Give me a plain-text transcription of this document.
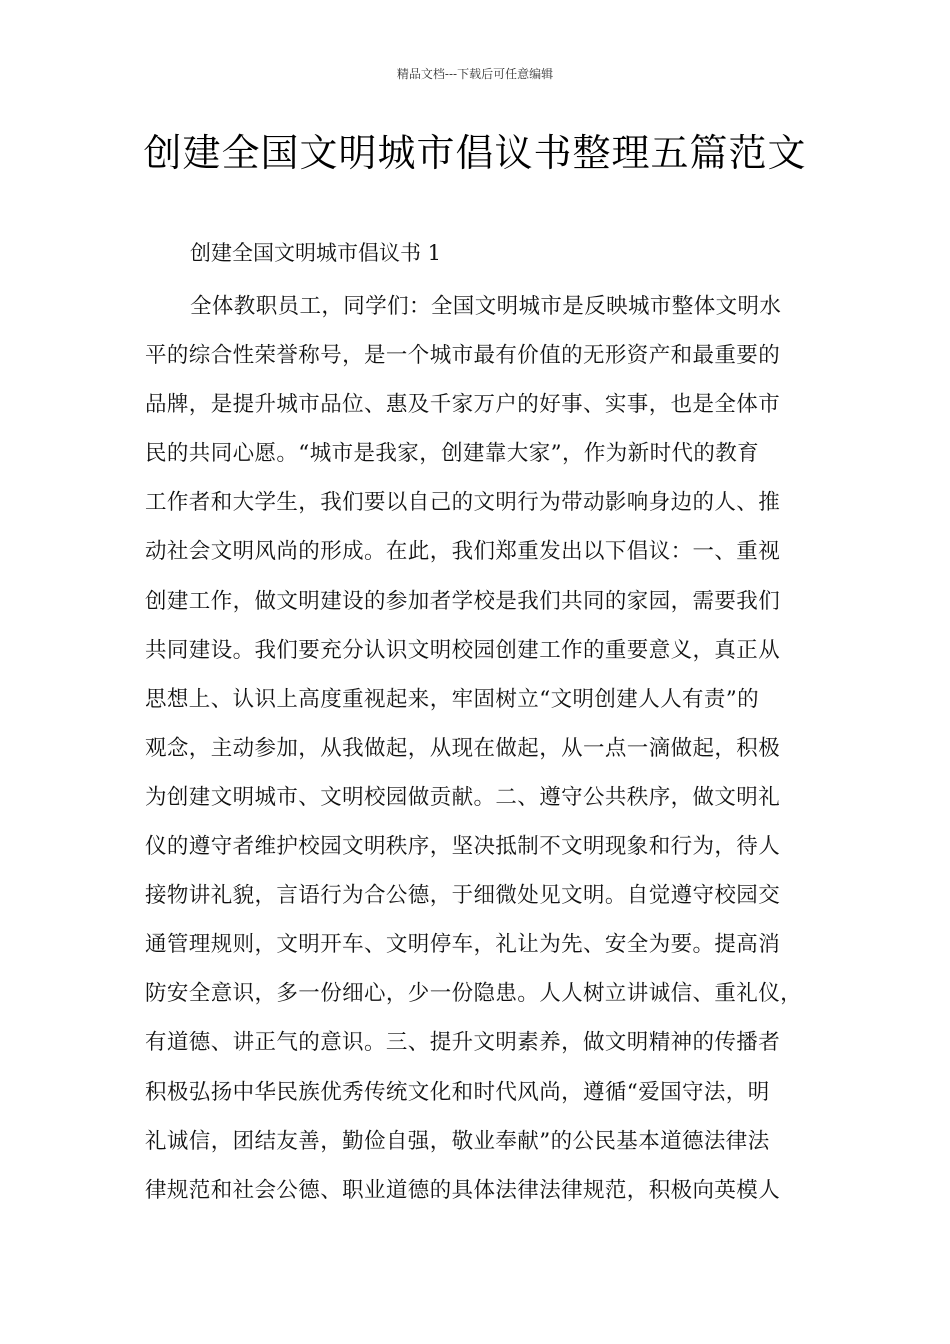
精品文档---下载后可任意编辑
创建全国文明城市倡议书整理五篇范文

创建全国文明城市倡议书 1

全体教职员工，同学们：全国文明城市是反映城市整体文明水
平的综合性荣誉称号，是一个城市最有价值的无形资产和最重要的
品牌，是提升城市品位、惠及千家万户的好事、实事，也是全体市
民的共同心愿。“城市是我家，创建靠大家”，作为新时代的教育
工作者和大学生，我们要以自己的文明行为带动影响身边的人、推
动社会文明风尚的形成。在此，我们郑重发出以下倡议：一、重视
创建工作，做文明建设的参加者学校是我们共同的家园，需要我们
共同建设。我们要充分认识文明校园创建工作的重要意义，真正从
思想上、认识上高度重视起来，牢固树立“文明创建人人有责”的
观念，主动参加，从我做起，从现在做起，从一点一滴做起，积极
为创建文明城市、文明校园做贡献。二、遵守公共秩序，做文明礼
仪的遵守者维护校园文明秩序，坚决抵制不文明现象和行为，待人
接物讲礼貌，言语行为合公德，于细微处见文明。自觉遵守校园交
通管理规则，文明开车、文明停车，礼让为先、安全为要。提高消
防安全意识，多一份细心，少一份隐患。人人树立讲诚信、重礼仪，
有道德、讲正气的意识。三、提升文明素养，做文明精神的传播者
积极弘扬中华民族优秀传统文化和时代风尚，遵循“爱国守法，明
礼诚信，团结友善，勤俭自强，敬业奉献”的公民基本道德法律法
律规范和社会公德、职业道德的具体法律法律规范，积极向英模人
